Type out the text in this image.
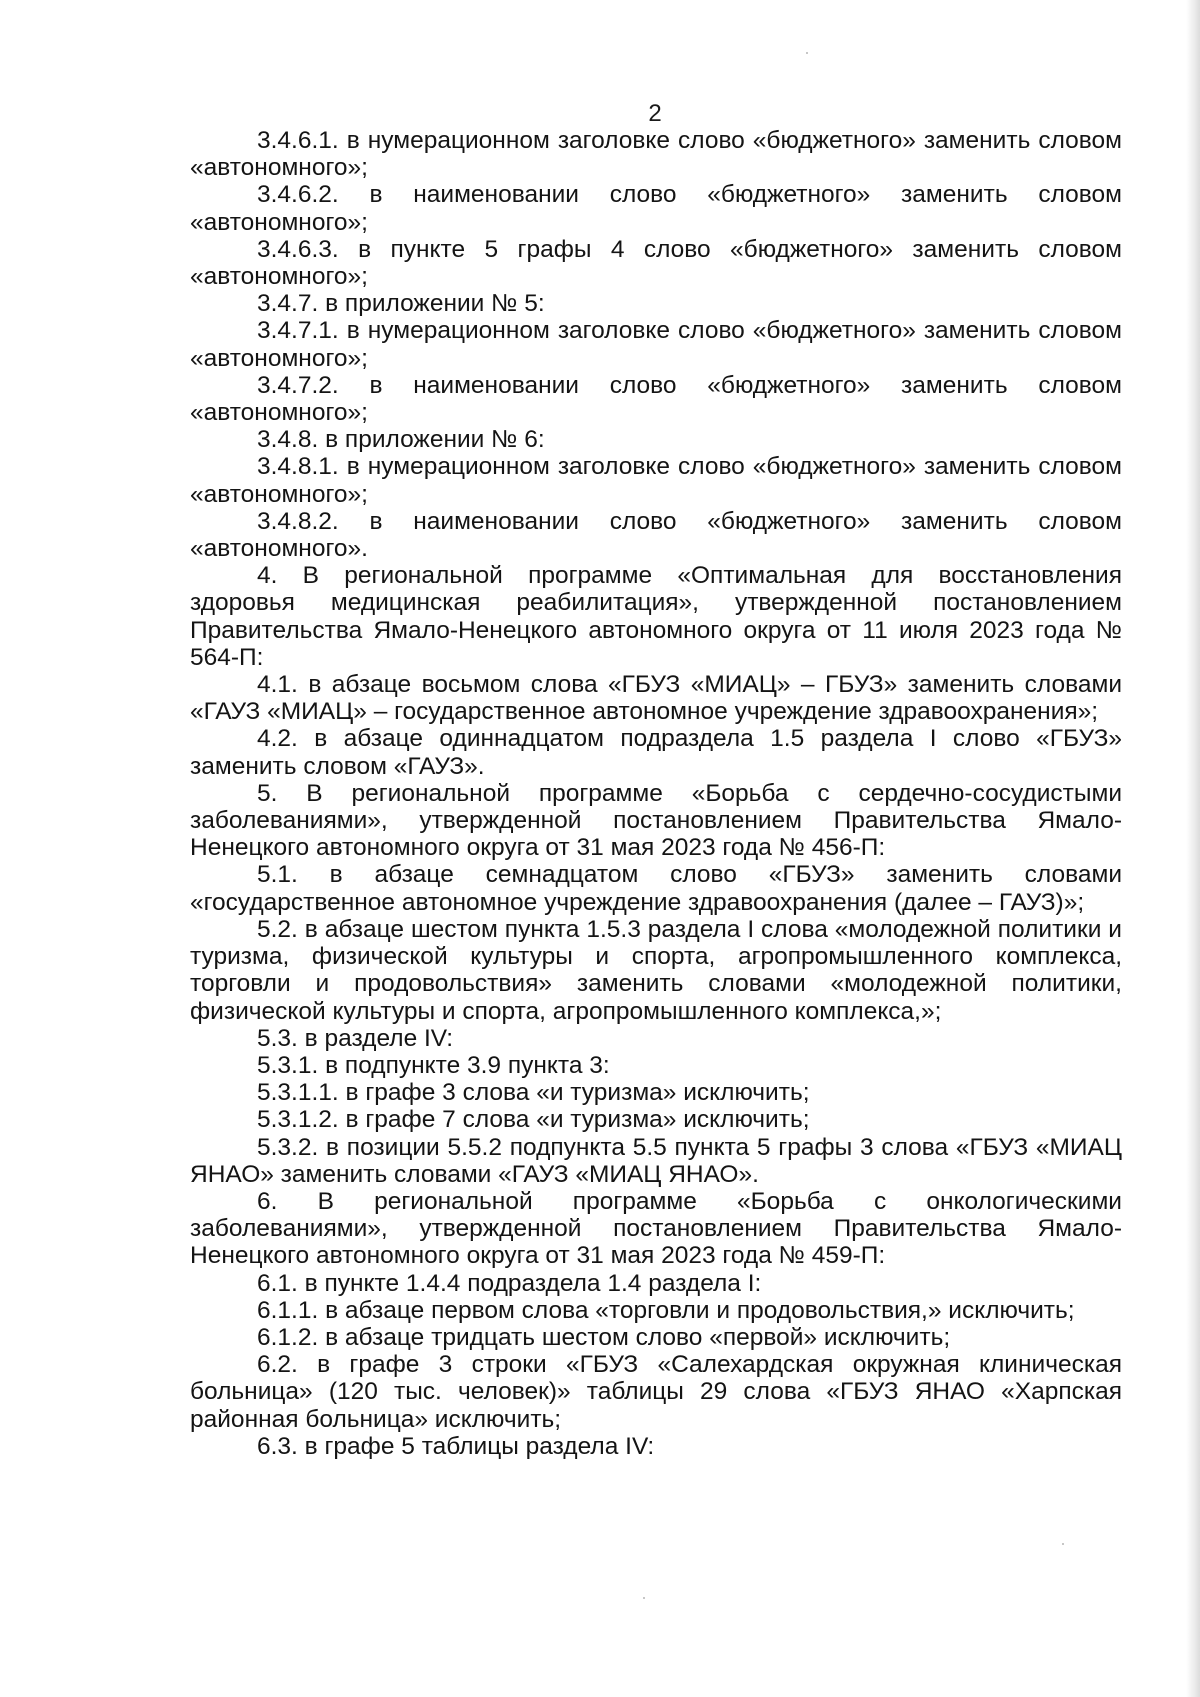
2

3.4.6.1. в нумерационном заголовке слово «бюджетного» заменить словом «автономного»;

3.4.6.2. в наименовании слово «бюджетного» заменить словом «автономного»;

3.4.6.3. в пункте 5 графы 4 слово «бюджетного» заменить словом «автономного»;

3.4.7. в приложении № 5:

3.4.7.1. в нумерационном заголовке слово «бюджетного» заменить словом «автономного»;

3.4.7.2. в наименовании слово «бюджетного» заменить словом «автономного»;

3.4.8. в приложении № 6:

3.4.8.1. в нумерационном заголовке слово «бюджетного» заменить словом «автономного»;

3.4.8.2. в наименовании слово «бюджетного» заменить словом «автономного».

4. В региональной программе «Оптимальная для восстановления здоровья медицинская реабилитация», утвержденной постановлением Правительства Ямало-Ненецкого автономного округа от 11 июля 2023 года № 564-П:

4.1. в абзаце восьмом слова «ГБУЗ «МИАЦ» – ГБУЗ» заменить словами «ГАУЗ «МИАЦ» – государственное автономное учреждение здравоохранения»;

4.2. в абзаце одиннадцатом подраздела 1.5 раздела I слово «ГБУЗ» заменить словом «ГАУЗ».

5. В региональной программе «Борьба с сердечно-сосудистыми заболеваниями», утвержденной постановлением Правительства Ямало-Ненецкого автономного округа от 31 мая 2023 года № 456-П:

5.1. в абзаце семнадцатом слово «ГБУЗ» заменить словами «государственное автономное учреждение здравоохранения (далее – ГАУЗ)»;

5.2. в абзаце шестом пункта 1.5.3 раздела I слова «молодежной политики и туризма, физической культуры и спорта, агропромышленного комплекса, торговли и продовольствия» заменить словами «молодежной политики, физической культуры и спорта, агропромышленного комплекса,»;

5.3. в разделе IV:

5.3.1. в подпункте 3.9 пункта 3:

5.3.1.1. в графе 3 слова «и туризма» исключить;

5.3.1.2. в графе 7 слова «и туризма» исключить;

5.3.2. в позиции 5.5.2 подпункта 5.5 пункта 5 графы 3 слова «ГБУЗ «МИАЦ ЯНАО» заменить словами «ГАУЗ «МИАЦ ЯНАО».

6. В региональной программе «Борьба с онкологическими заболеваниями», утвержденной постановлением Правительства Ямало-Ненецкого автономного округа от 31 мая 2023 года № 459-П:

6.1. в пункте 1.4.4 подраздела 1.4 раздела I:

6.1.1. в абзаце первом слова «торговли и продовольствия,» исключить;

6.1.2. в абзаце тридцать шестом слово «первой» исключить;

6.2. в графе 3 строки «ГБУЗ «Салехардская окружная клиническая больница» (120 тыс. человек)» таблицы 29 слова «ГБУЗ ЯНАО «Харпская районная больница» исключить;

6.3. в графе 5 таблицы раздела IV:
